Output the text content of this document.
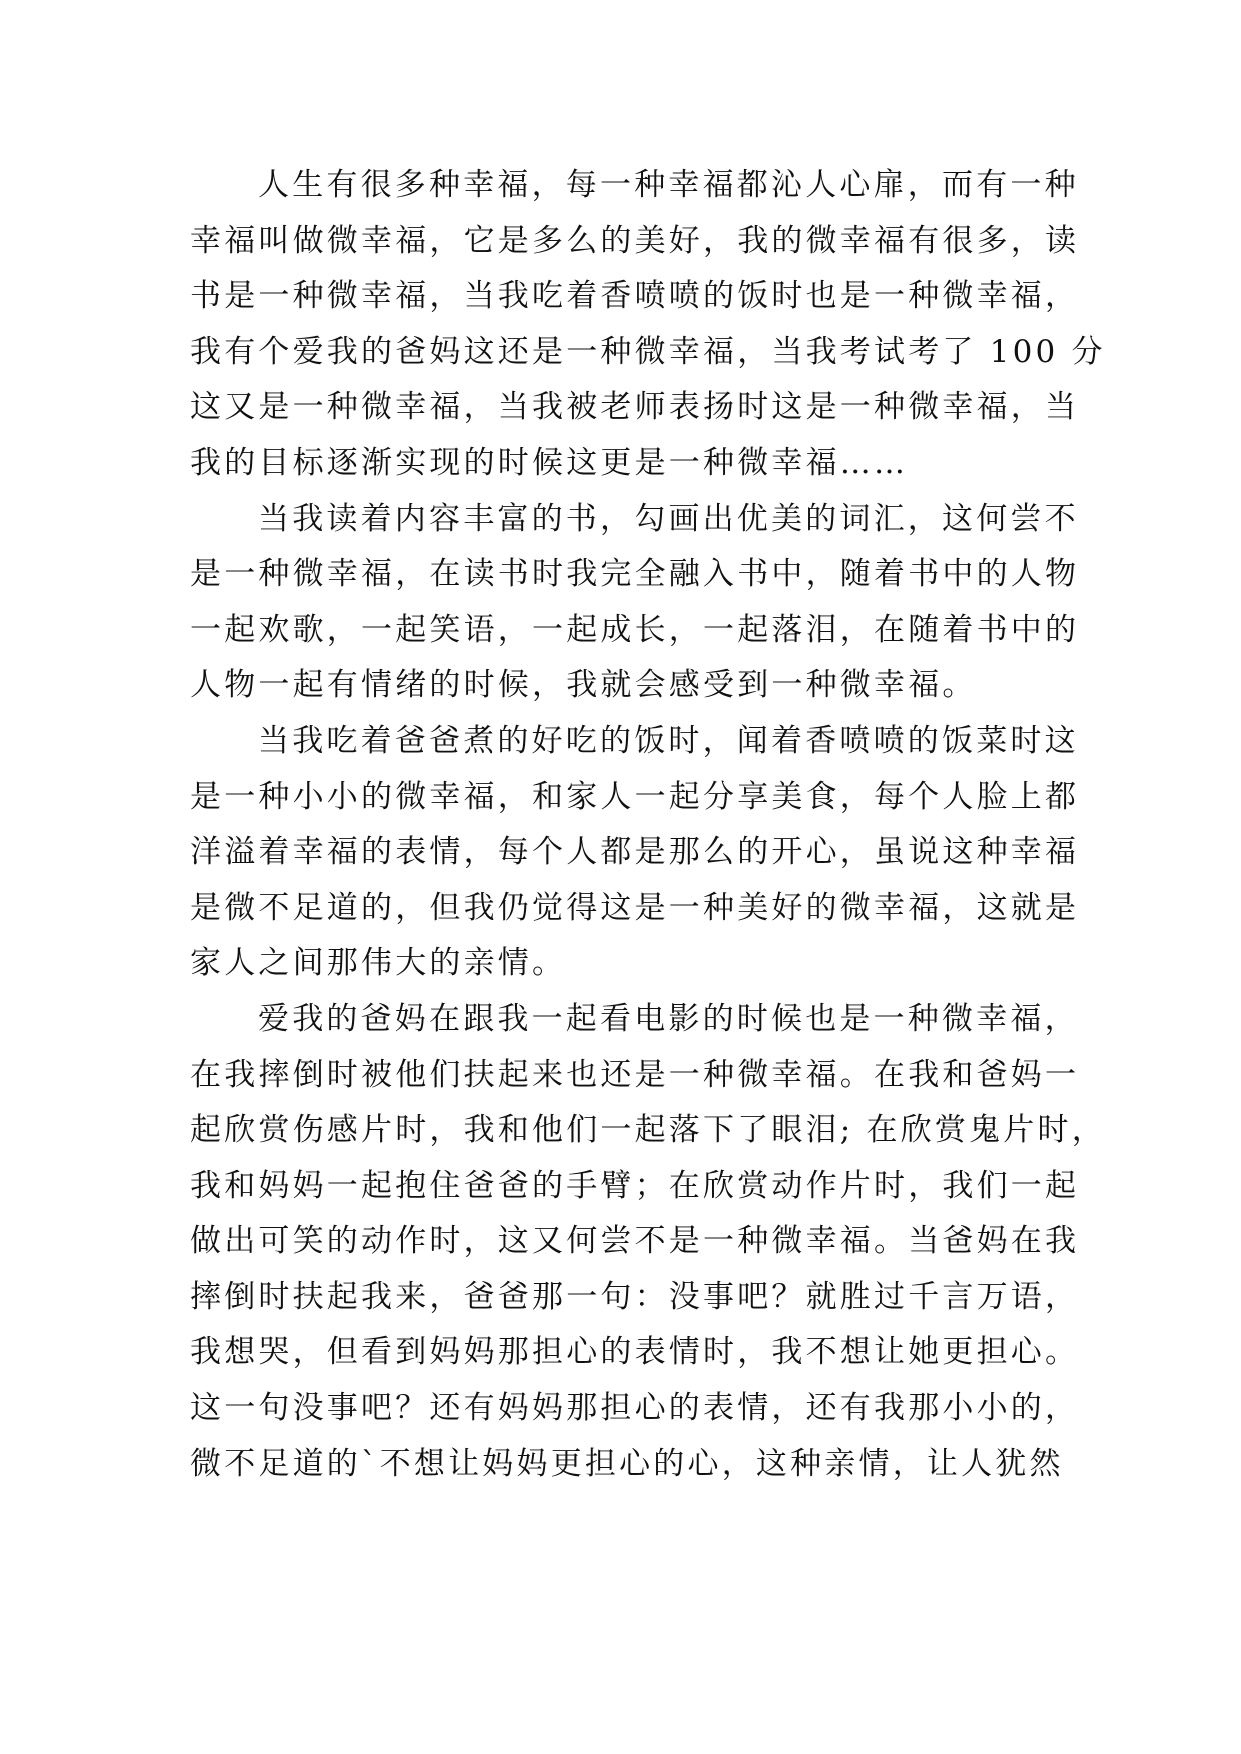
人生有很多种幸福，每一种幸福都沁人心扉，而有一种
幸福叫做微幸福，它是多么的美好，我的微幸福有很多，读
书是一种微幸福，当我吃着香喷喷的饭时也是一种微幸福，
我有个爱我的爸妈这还是一种微幸福，当我考试考了 100 分
这又是一种微幸福，当我被老师表扬时这是一种微幸福，当
我的目标逐渐实现的时候这更是一种微幸福……
当我读着内容丰富的书，勾画出优美的词汇，这何尝不
是一种微幸福，在读书时我完全融入书中，随着书中的人物
一起欢歌，一起笑语，一起成长，一起落泪，在随着书中的
人物一起有情绪的时候，我就会感受到一种微幸福。
当我吃着爸爸煮的好吃的饭时，闻着香喷喷的饭菜时这
是一种小小的微幸福，和家人一起分享美食，每个人脸上都
洋溢着幸福的表情，每个人都是那么的开心，虽说这种幸福
是微不足道的，但我仍觉得这是一种美好的微幸福，这就是
家人之间那伟大的亲情。
爱我的爸妈在跟我一起看电影的时候也是一种微幸福，
在我摔倒时被他们扶起来也还是一种微幸福。在我和爸妈一
起欣赏伤感片时，我和他们一起落下了眼泪; 在欣赏鬼片时，
我和妈妈一起抱住爸爸的手臂；在欣赏动作片时，我们一起
做出可笑的动作时，这又何尝不是一种微幸福。当爸妈在我
摔倒时扶起我来，爸爸那一句：没事吧？就胜过千言万语，
我想哭，但看到妈妈那担心的表情时，我不想让她更担心。
这一句没事吧？还有妈妈那担心的表情，还有我那小小的，
微不足道的`不想让妈妈更担心的心，这种亲情，让人犹然
